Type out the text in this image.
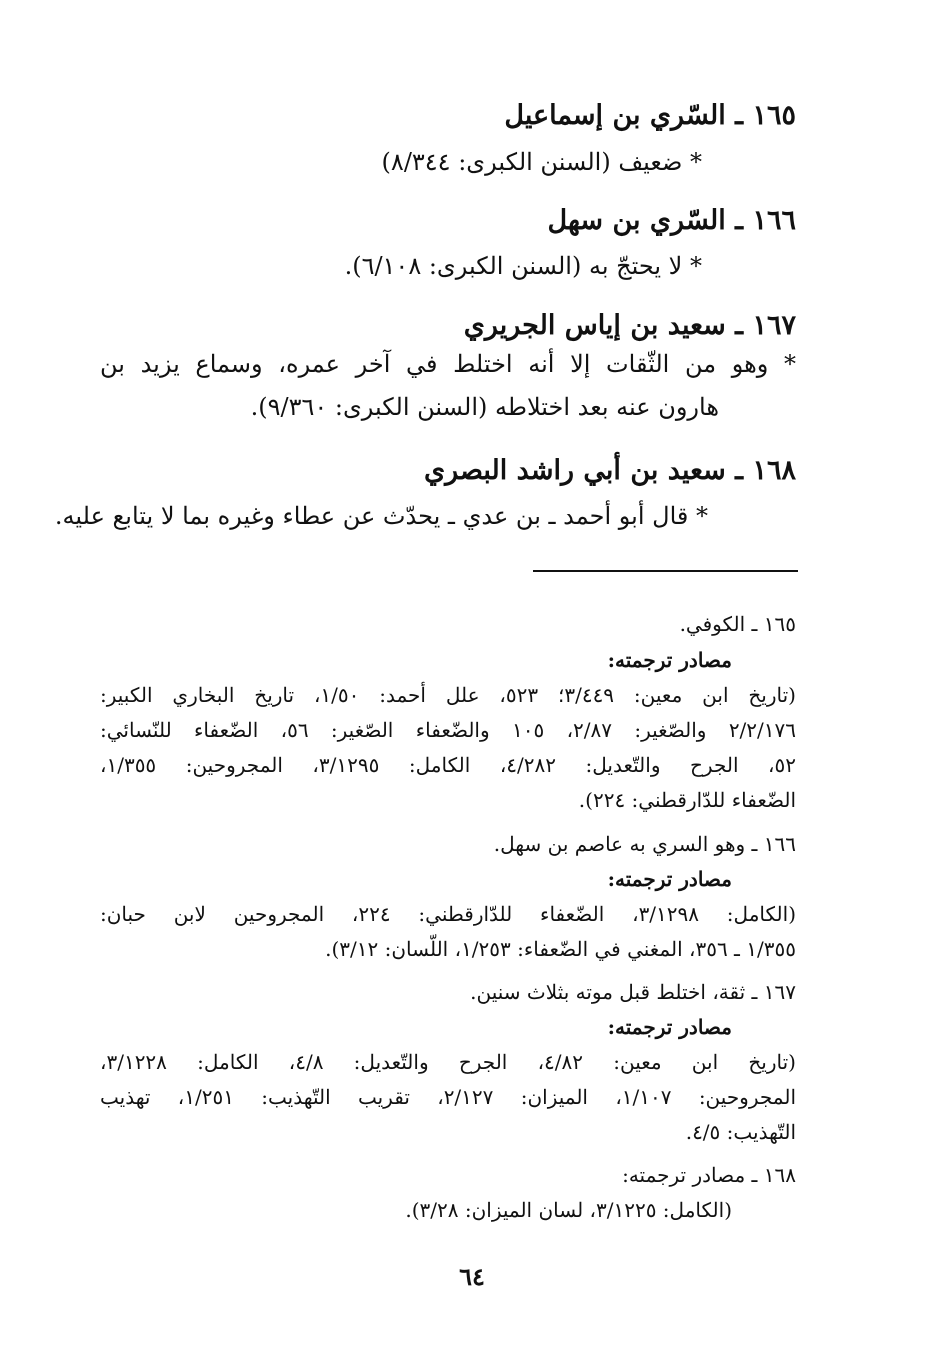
١٦٥ ـ السّري بن إسماعيل
* ضعيف (السنن الكبرى: ٨/٣٤٤)
١٦٦ ـ السّري بن سهل
* لا يحتجّ به (السنن الكبرى: ٦/١٠٨).
١٦٧ ـ سعيد بن إياس الجريري
* وهو من الثّقات إلا أنه اختلط في آخر عمره، وسماع يزيد بن
هارون عنه بعد اختلاطه (السنن الكبرى: ٩/٣٦٠).
١٦٨ ـ سعيد بن أبي راشد البصري
* قال أبو أحمد ـ بن عدي ـ يحدّث عن عطاء وغيره بما لا يتابع عليه.
١٦٥ ـ الكوفي.
مصادر ترجمته:
(تاريخ ابن معين: ٣/٤٤٩؛ ٥٢٣، علل أحمد: ١/٥٠، تاريخ البخاري الكبير:
٢/٢/١٧٦ والصّغير: ٢/٨٧، ١٠٥ والضّعفاء الصّغير: ٥٦، الضّعفاء للنّسائي:
٥٢، الجرح والتّعديل: ٤/٢٨٢، الكامل: ٣/١٢٩٥، المجروحين: ١/٣٥٥،
الضّعفاء للدّارقطني: ٢٢٤).
١٦٦ ـ وهو السري به عاصم بن سهل.
مصادر ترجمته:
(الكامل: ٣/١٢٩٨، الضّعفاء للدّارقطني: ٢٢٤، المجروحين لابن حبان:
١/٣٥٥ ـ ٣٥٦، المغني في الضّعفاء: ١/٢٥٣، اللّسان: ٣/١٢).
١٦٧ ـ ثقة، اختلط قبل موته بثلاث سنين.
مصادر ترجمته:
(تاريخ ابن معين: ٤/٨٢، الجرح والتّعديل: ٤/٨، الكامل: ٣/١٢٢٨،
المجروحين: ١/١٠٧، الميزان: ٢/١٢٧، تقريب التّهذيب: ١/٢٥١، تهذيب
التّهذيب: ٤/٥.
١٦٨ ـ مصادر ترجمته:
(الكامل: ٣/١٢٢٥، لسان الميزان: ٣/٢٨).
٦٤
